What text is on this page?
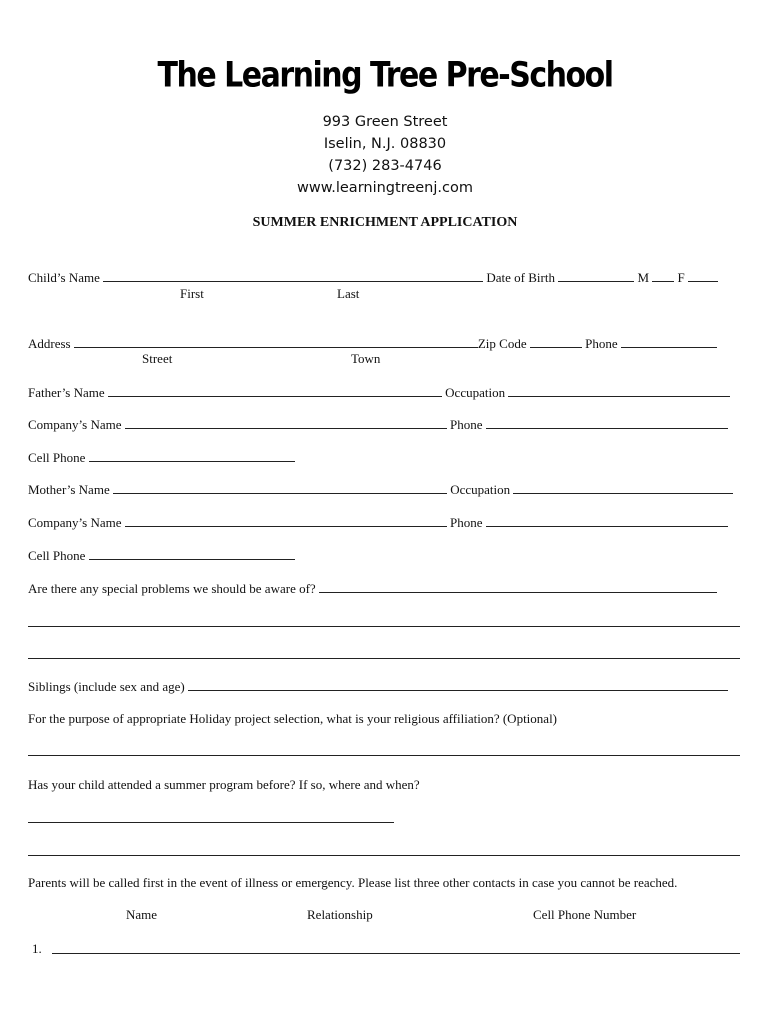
The Learning Tree Pre-School
993 Green Street
Iselin, N.J. 08830
(732) 283-4746
www.learningtreenj.com
SUMMER ENRICHMENT APPLICATION
Child’s Name	Date of Birth	M F
First	Last
Address	Zip Code	Phone
Street	Town
Father’s Name	Occupation
Company’s Name	Phone
Cell Phone
Mother’s Name	Occupation
Company’s Name	Phone
Cell Phone
Are there any special problems we should be aware of?
Siblings (include sex and age)
For the purpose of appropriate Holiday project selection, what is your religious affiliation? (Optional)
Has your child attended a summer program before? If so, where and when?
Parents will be called first in the event of illness or emergency. Please list three other contacts in case you cannot be reached.
Name	Relationship	Cell Phone Number
1.
